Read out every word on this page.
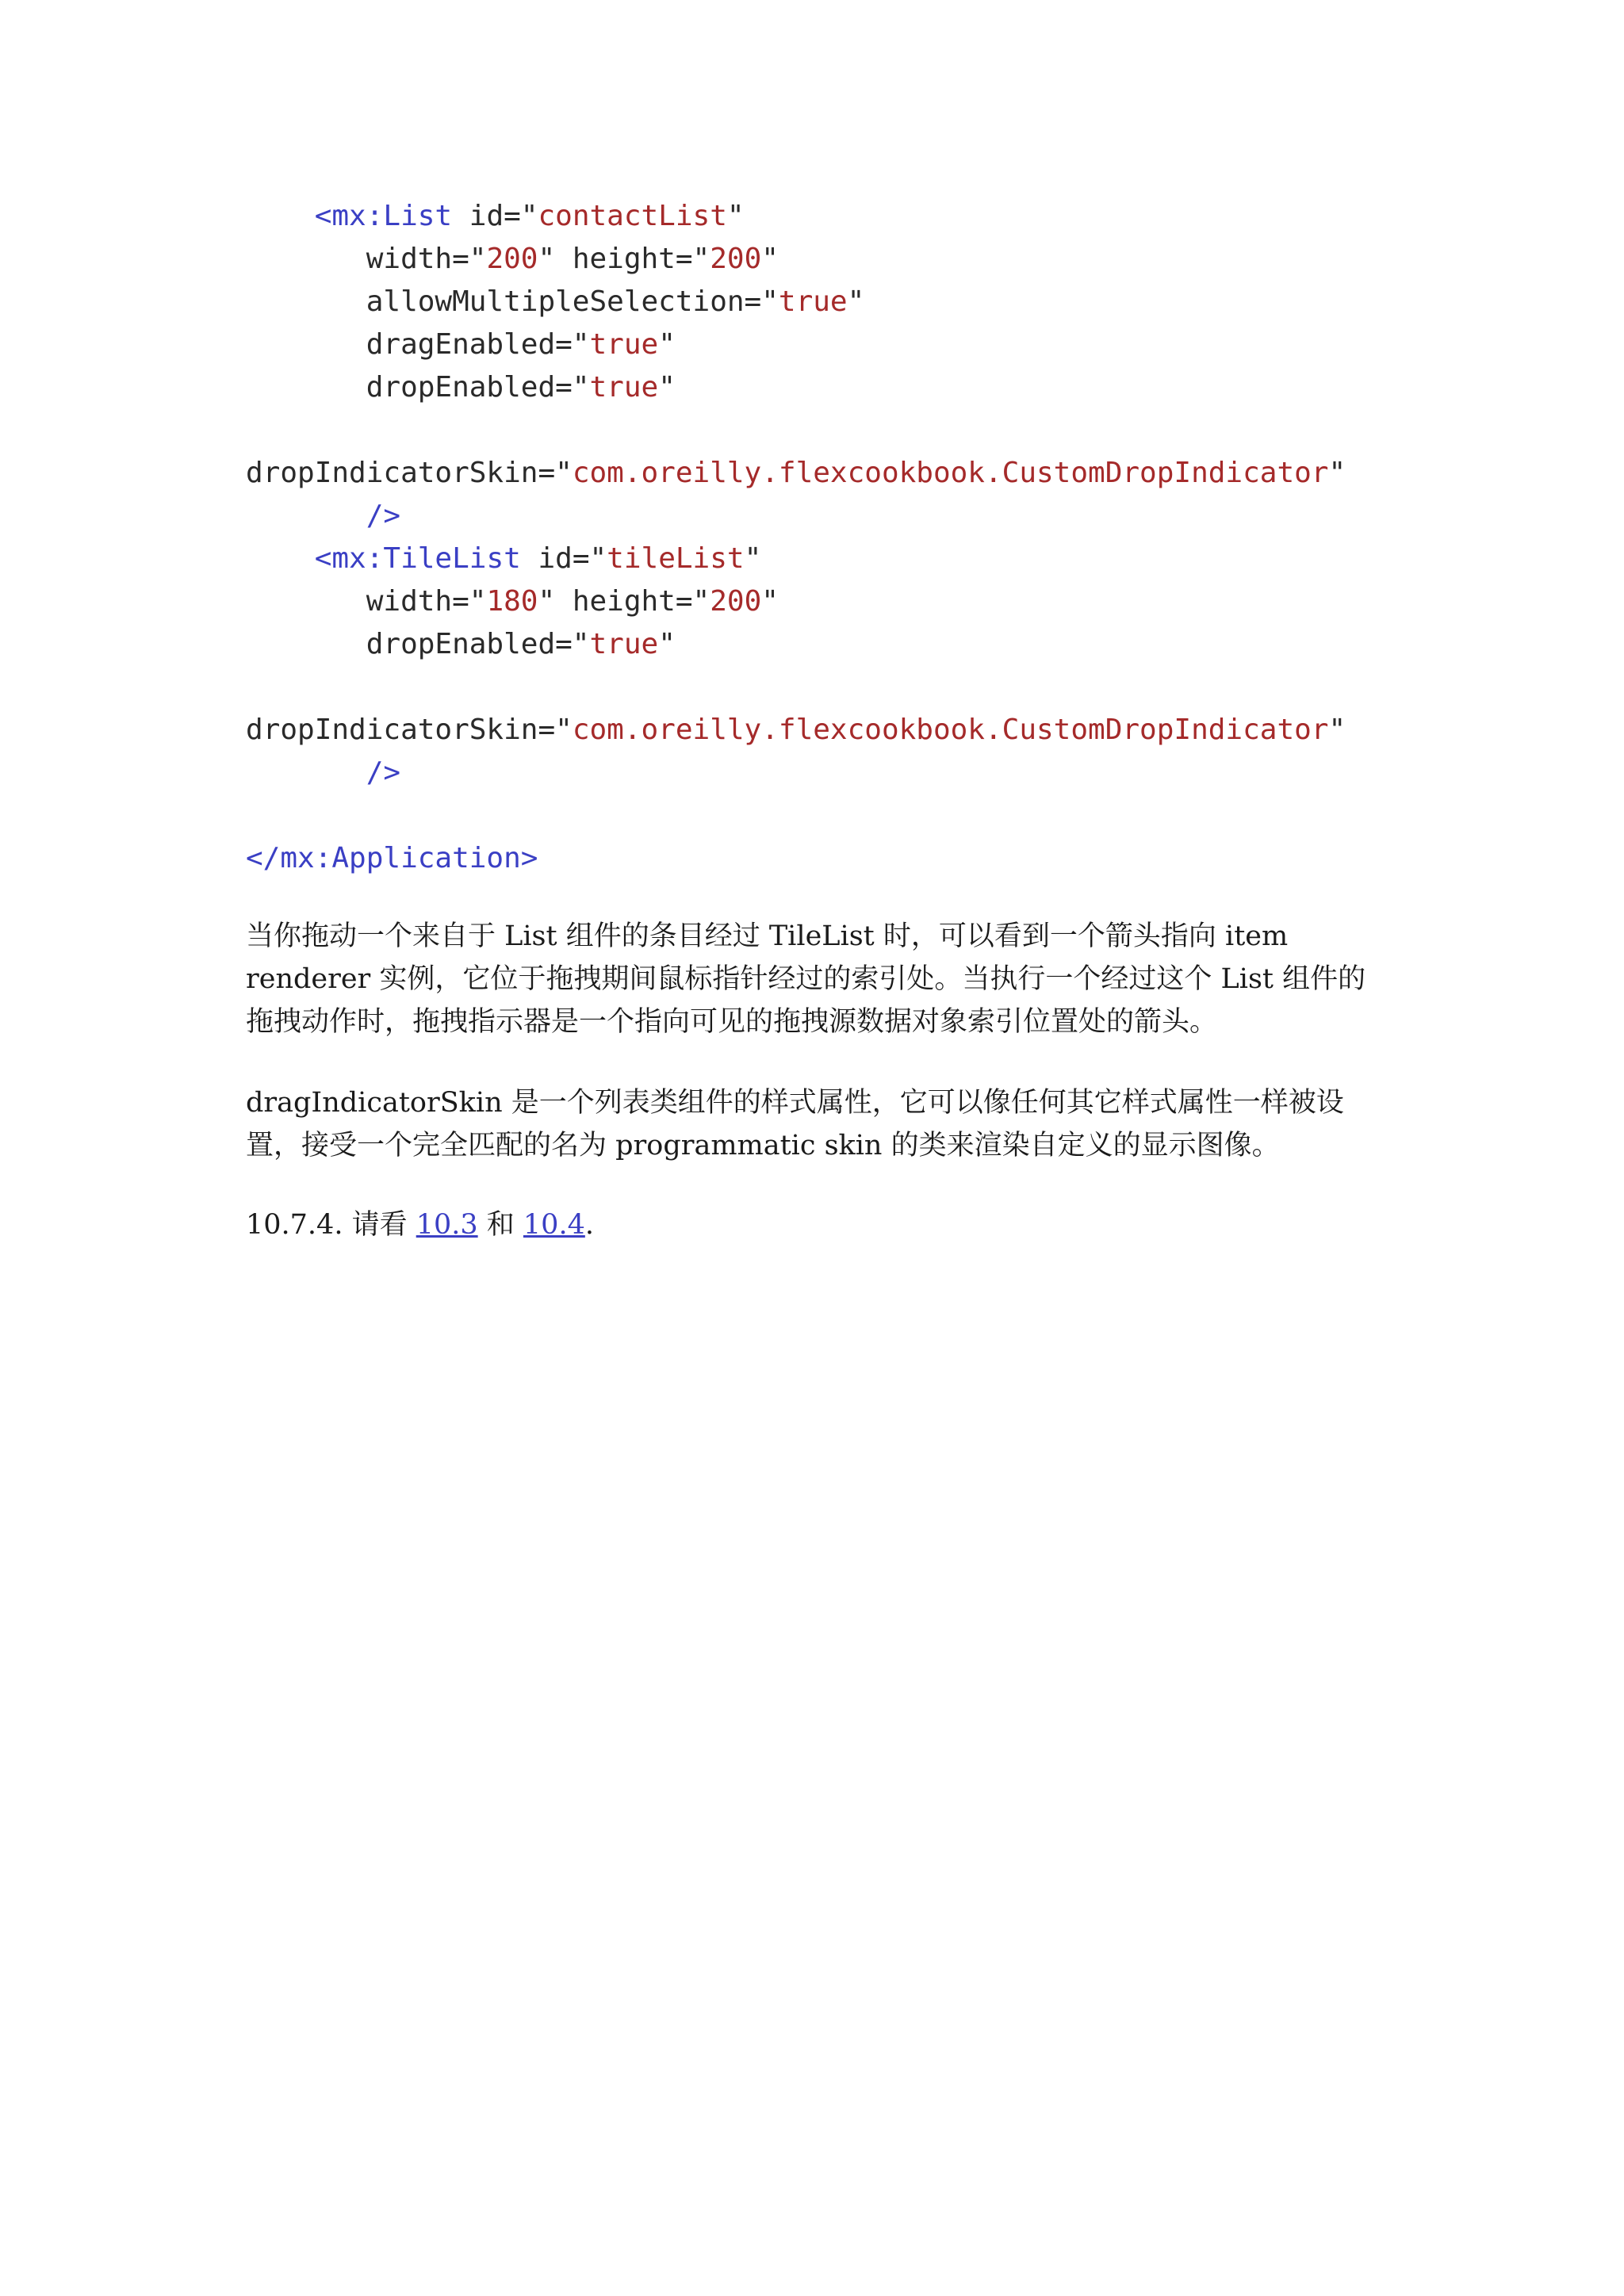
<mx:List id="contactList"
width="200" height="200"
allowMultipleSelection="true"
dragEnabled="true"
dropEnabled="true"
dropIndicatorSkin="com.oreilly.flexcookbook.CustomDropIndicator"
/>
<mx:TileList id="tileList"
width="180" height="200"
dropEnabled="true"
dropIndicatorSkin="com.oreilly.flexcookbook.CustomDropIndicator"
/>
</mx:Application>
当你拖动一个来自于 List 组件的条目经过 TileList 时，可以看到一个箭头指向 item renderer 实例，它位于拖拽期间鼠标指针经过的索引处。当执行一个经过这个 List 组件的拖拽动作时，拖拽指示器是一个指向可见的拖拽源数据对象索引位置处的箭头。
dragIndicatorSkin 是一个列表类组件的样式属性，它可以像任何其它样式属性一样被设置，接受一个完全匹配的名为 programmatic skin 的类来渲染自定义的显示图像。
10.7.4. 请看 10.3 和 10.4.
